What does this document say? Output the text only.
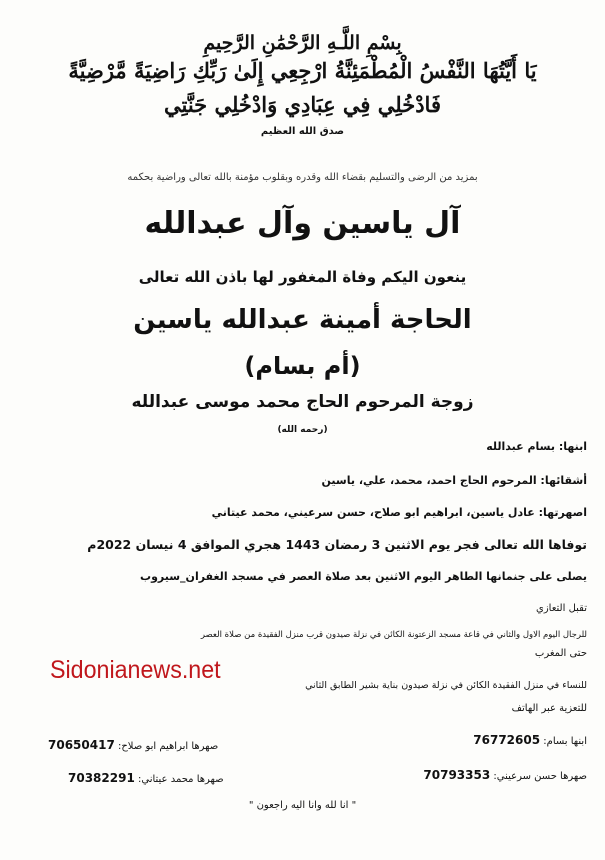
بِسْمِ اللَّـهِ الرَّحْمَٰنِ الرَّحِيمِ
يَا أَيَّتُهَا النَّفْسُ الْمُطْمَئِنَّةُ ارْجِعِي إِلَىٰ رَبِّكِ رَاضِيَةً مَّرْضِيَّةً
فَادْخُلِي فِي عِبَادِي وَادْخُلِي جَنَّتِي
صدق الله العظيم
بمزيد من الرضى والتسليم بقضاء الله وقدره وبقلوب مؤمنة بالله تعالى وراضية بحكمه
آل ياسين وآل عبدالله
ينعون اليكم وفاة المغفور لها باذن الله تعالى
الحاجة أمينة عبدالله ياسين
(أم بسام)
زوجة المرحوم الحاج محمد موسى عبدالله
(رحمه الله)
ابنها: بسام عبدالله
أشقائها: المرحوم الحاج احمد، محمد، علي، ياسين
اصهرتها: عادل ياسين، ابراهيم ابو صلاح، حسن سرعيني، محمد عيتاني
توفاها الله تعالى فجر يوم الاثنين 3 رمضان 1443 هجري الموافق 4 نيسان 2022م
يصلى على جنمانها الطاهر اليوم الاثنين بعد صلاة العصر في مسجد الغفران_سيروب
تقبل التعازي
للرجال اليوم الاول والثاني في قاعة مسجد الزعتونة الكائن في نزلة صيدون قرب منزل الفقيدة من صلاة العصر
حتى المغرب
للنساء في منزل الفقيدة الكائن في نزلة صيدون بناية بشير الطابق الثاني
للتعزية عبر الهاتف
Sidonianews.net
ابنها بسام: 76772605
صهرها ابراهيم ابو صلاح: 70650417
صهرها حسن سرعيني: 70793353
صهرها محمد عيتاني: 70382291
" انا لله وانا اليه راجعون "
